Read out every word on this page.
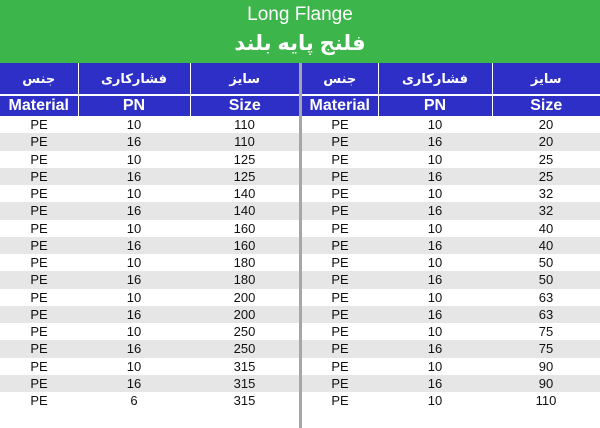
Long Flange
فلنج پایه بلند
جنس	فشارکاری	سایز
Material	PN	Size
PE	10	110
PE	16	110
PE	10	125
PE	16	125
PE	10	140
PE	16	140
PE	10	160
PE	16	160
PE	10	180
PE	16	180
PE	10	200
PE	16	200
PE	10	250
PE	16	250
PE	10	315
PE	16	315
PE	6	315
جنس	فشارکاری	سایز
Material	PN	Size
PE	10	20
PE	16	20
PE	10	25
PE	16	25
PE	10	32
PE	16	32
PE	10	40
PE	16	40
PE	10	50
PE	16	50
PE	10	63
PE	16	63
PE	10	75
PE	16	75
PE	10	90
PE	16	90
PE	10	110
